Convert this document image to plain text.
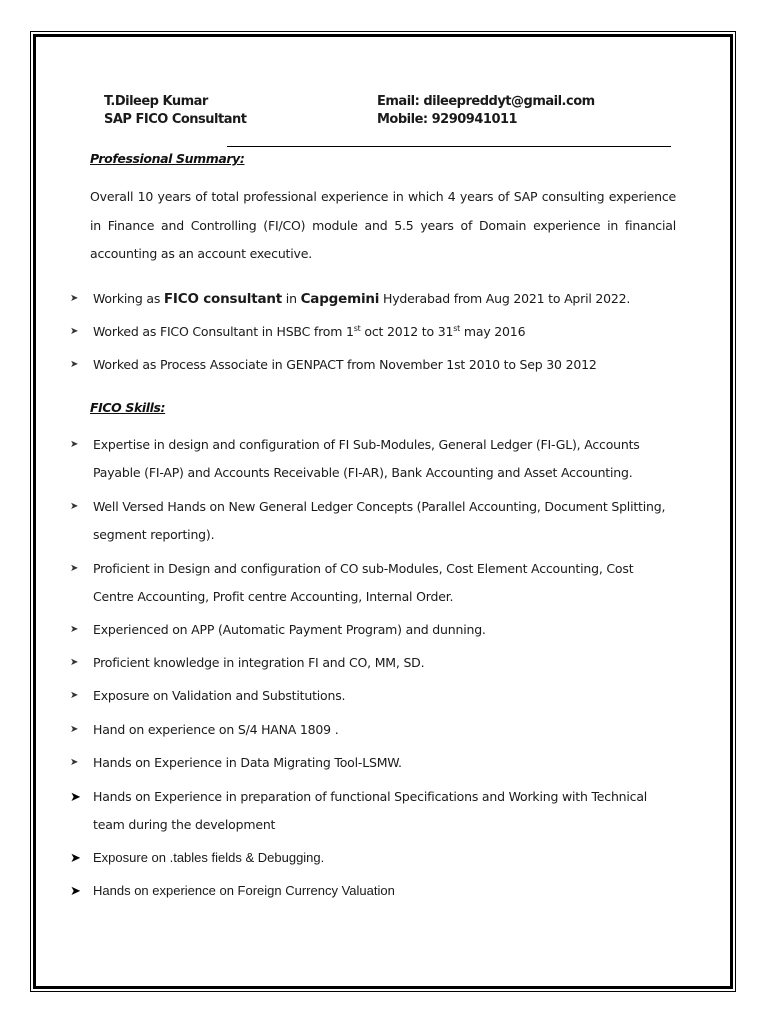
T.Dileep Kumar
SAP FICO Consultant
Email: dileepreddyt@gmail.com
Mobile: 9290941011
Professional Summary:
Overall 10 years of total professional experience in which 4 years of SAP consulting experience in Finance and Controlling (FI/CO) module and 5.5 years of Domain experience in financial accounting as an account executive.
➤ Working as FICO consultant in Capgemini Hyderabad from Aug 2021 to April 2022.
➤ Worked as FICO Consultant in HSBC from 1st oct 2012 to 31st may 2016
➤ Worked as Process Associate in GENPACT from November 1st 2010 to Sep 30 2012
FICO Skills:
➤ Expertise in design and configuration of FI Sub-Modules, General Ledger (FI-GL), Accounts Payable (FI-AP) and Accounts Receivable (FI-AR), Bank Accounting and Asset Accounting.
➤ Well Versed Hands on New General Ledger Concepts (Parallel Accounting, Document Splitting, segment reporting).
➤ Proficient in Design and configuration of CO sub-Modules, Cost Element Accounting, Cost Centre Accounting, Profit centre Accounting, Internal Order.
➤ Experienced on APP (Automatic Payment Program) and dunning.
➤ Proficient knowledge in integration FI and CO, MM, SD.
➤ Exposure on Validation and Substitutions.
➤ Hand on experience on S/4 HANA 1809 .
➤ Hands on Experience in Data Migrating Tool-LSMW.
➤ Hands on Experience in preparation of functional Specifications and Working with Technical team during the development
➤ Exposure on .tables fields & Debugging.
➤ Hands on experience on Foreign Currency Valuation
